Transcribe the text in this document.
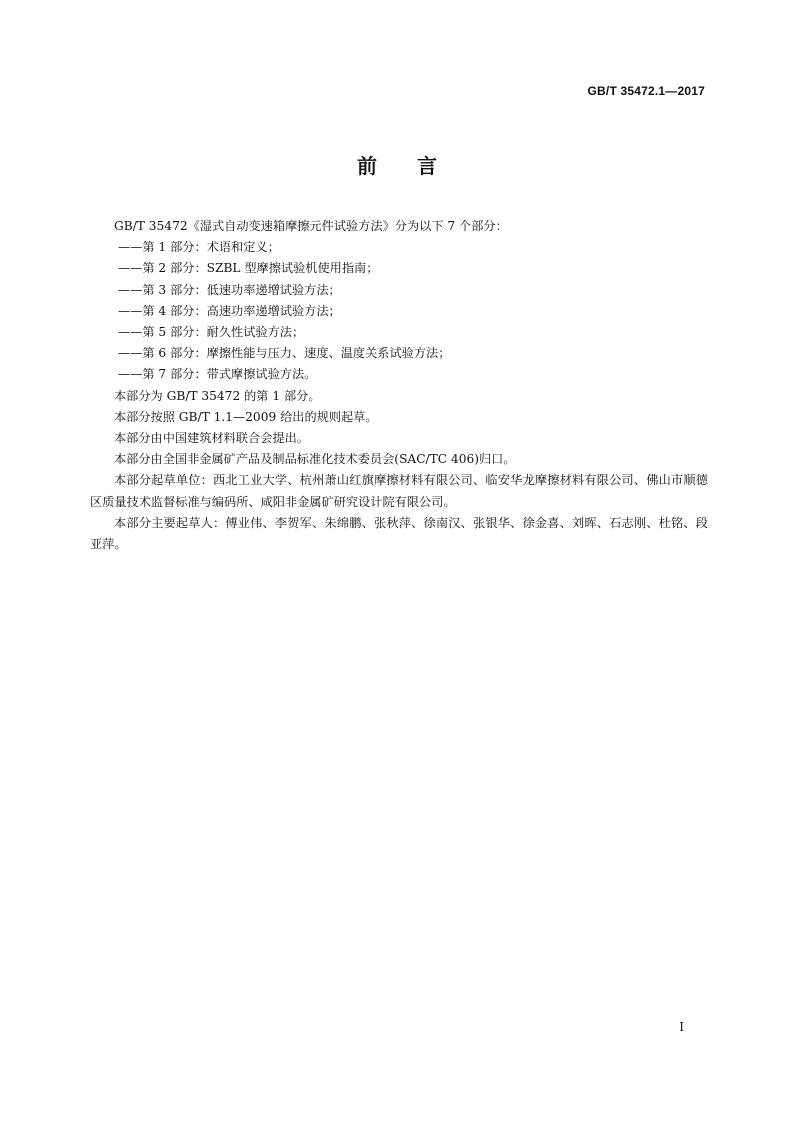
GB/T 35472.1—2017
前 言

GB/T 35472《湿式自动变速箱摩擦元件试验方法》分为以下 7 个部分：

——第 1 部分：术语和定义；

——第 2 部分：SZBL 型摩擦试验机使用指南；

——第 3 部分：低速功率递增试验方法；

——第 4 部分：高速功率递增试验方法；

——第 5 部分：耐久性试验方法；

——第 6 部分：摩擦性能与压力、速度、温度关系试验方法；

——第 7 部分：带式摩擦试验方法。

本部分为 GB/T 35472 的第 1 部分。

本部分按照 GB/T 1.1—2009 给出的规则起草。

本部分由中国建筑材料联合会提出。

本部分由全国非金属矿产品及制品标准化技术委员会(SAC/TC 406)归口。

本部分起草单位：西北工业大学、杭州萧山红旗摩擦材料有限公司、临安华龙摩擦材料有限公司、佛山市顺德区质量技术监督标准与编码所、咸阳非金属矿研究设计院有限公司。

本部分主要起草人：傅业伟、李贺军、朱绵鹏、张秋萍、徐南汉、张银华、徐金喜、刘晖、石志刚、杜铭、段亚萍。

I
